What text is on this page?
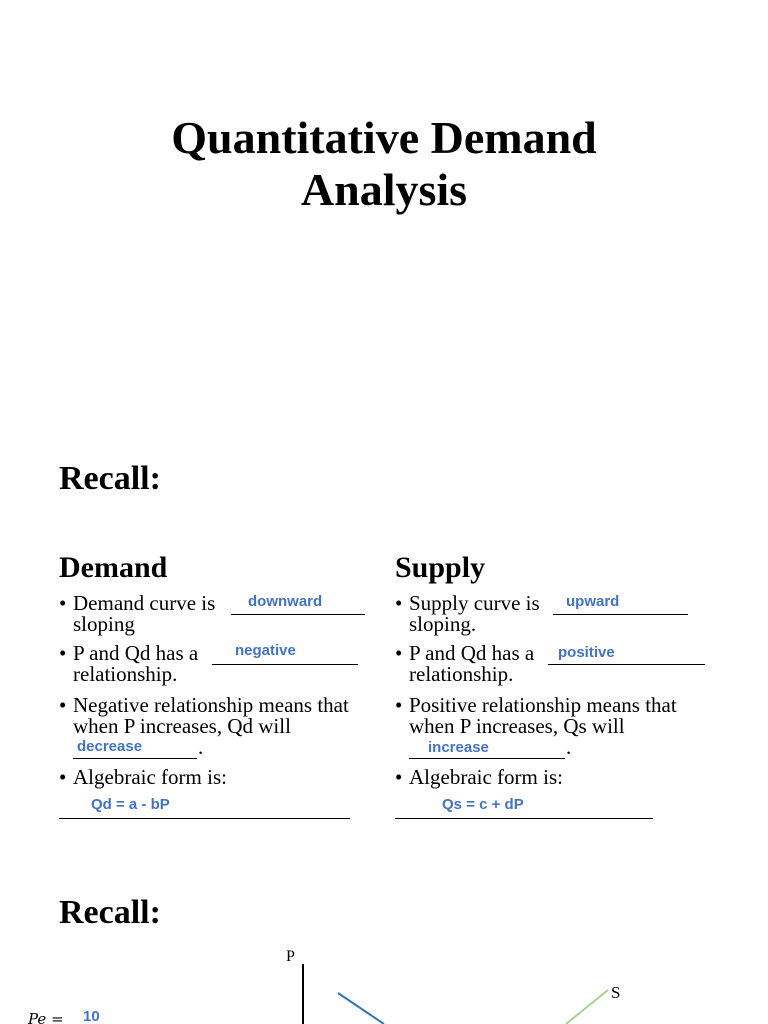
Quantitative Demand
Analysis
Recall:
Demand
• Demand curve is
sloping
downward
• P and Qd has a
relationship.
negative
• Negative relationship means that
when P increases, Qd will
.
decrease
• Algebraic form is:
Qd = a - bP
Supply
• Supply curve is
sloping.
upward
• P and Qd has a
relationship.
positive
• Positive relationship means that
when P increases, Qs will
.
increase
• Algebraic form is:
Qs = c + dP
Recall:
P
S
Pe = 10
